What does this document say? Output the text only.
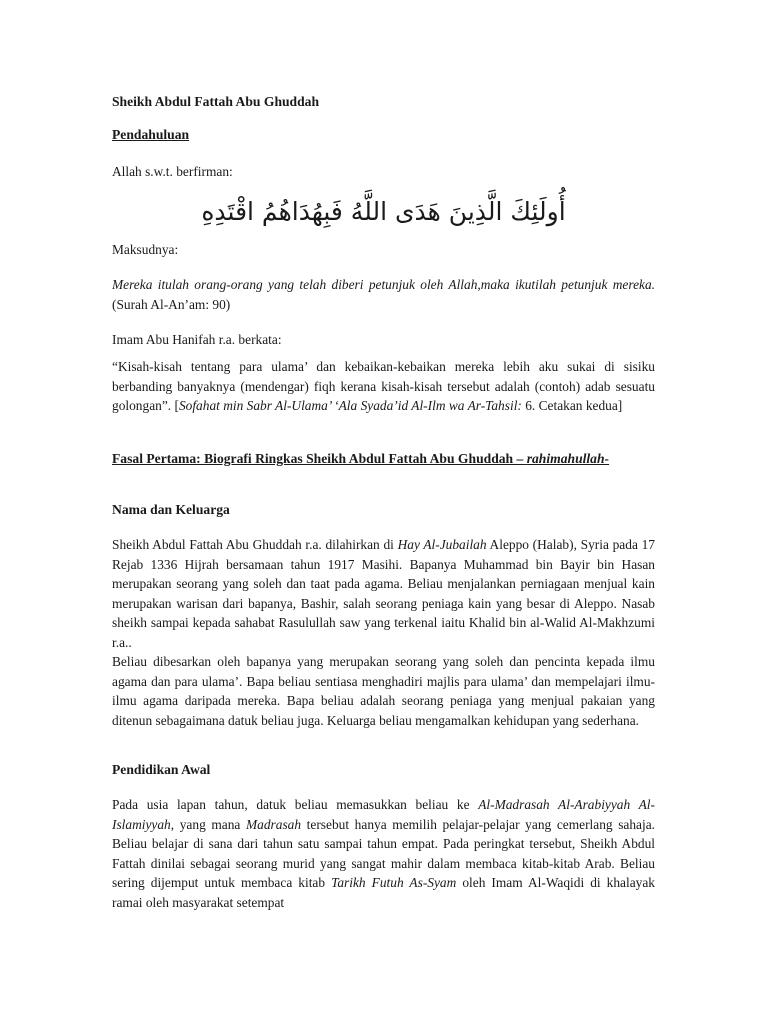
Sheikh Abdul Fattah Abu Ghuddah

Pendahuluan

Allah s.w.t. berfirman:

أُولَئِكَ الَّذِينَ هَدَى اللَّهُ فَبِهُدَاهُمُ اقْتَدِهِ

Maksudnya:

Mereka itulah orang-orang yang telah diberi petunjuk oleh Allah,maka ikutilah petunjuk mereka. (Surah Al-An’am: 90)

Imam Abu Hanifah r.a. berkata:

“Kisah-kisah tentang para ulama’ dan kebaikan-kebaikan mereka lebih aku sukai di sisiku berbanding banyaknya (mendengar) fiqh kerana kisah-kisah tersebut adalah (contoh) adab sesuatu golongan”. [Sofahat min Sabr Al-Ulama’ ‘Ala Syada’id Al-Ilm wa Ar-Tahsil: 6. Cetakan kedua]

Fasal Pertama: Biografi Ringkas Sheikh Abdul Fattah Abu Ghuddah – rahimahullah-

Nama dan Keluarga

Sheikh Abdul Fattah Abu Ghuddah r.a. dilahirkan di Hay Al-Jubailah Aleppo (Halab), Syria pada 17 Rejab 1336 Hijrah bersamaan tahun 1917 Masihi. Bapanya Muhammad bin Bayir bin Hasan merupakan seorang yang soleh dan taat pada agama. Beliau menjalankan perniagaan menjual kain merupakan warisan dari bapanya, Bashir, salah seorang peniaga kain yang besar di Aleppo. Nasab sheikh sampai kepada sahabat Rasulullah saw yang terkenal iaitu Khalid bin al-Walid Al-Makhzumi r.a..

Beliau dibesarkan oleh bapanya yang merupakan seorang yang soleh dan pencinta kepada ilmu agama dan para ulama’. Bapa beliau sentiasa menghadiri majlis para ulama’ dan mempelajari ilmu-ilmu agama daripada mereka. Bapa beliau adalah seorang peniaga yang menjual pakaian yang ditenun sebagaimana datuk beliau juga. Keluarga beliau mengamalkan kehidupan yang sederhana.

Pendidikan Awal

Pada usia lapan tahun, datuk beliau memasukkan beliau ke Al-Madrasah Al-Arabiyyah Al-Islamiyyah, yang mana Madrasah tersebut hanya memilih pelajar-pelajar yang cemerlang sahaja. Beliau belajar di sana dari tahun satu sampai tahun empat. Pada peringkat tersebut, Sheikh Abdul Fattah dinilai sebagai seorang murid yang sangat mahir dalam membaca kitab-kitab Arab. Beliau sering dijemput untuk membaca kitab Tarikh Futuh As-Syam oleh Imam Al-Waqidi di khalayak ramai oleh masyarakat setempat
